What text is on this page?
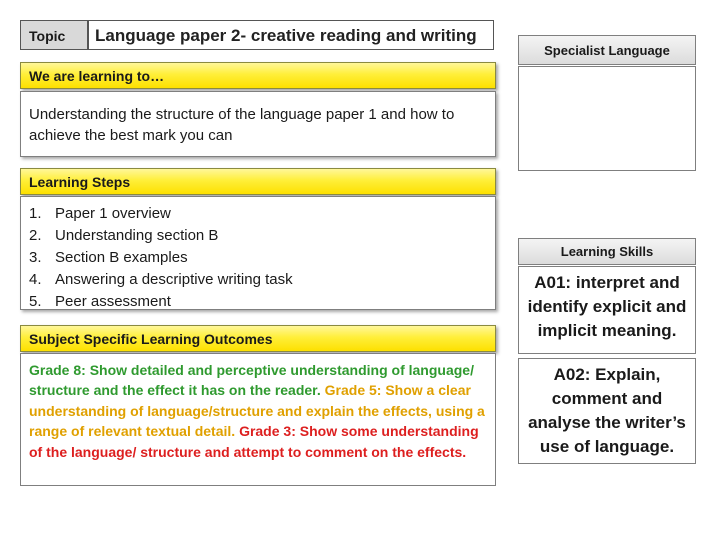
Topic Language paper 2- creative reading and writing
We are learning to…
Understanding the structure of the language paper 1 and how to achieve the best mark you can
Learning Steps
1. Paper 1 overview
2. Understanding section B
3. Section B examples
4. Answering a descriptive writing task
5. Peer assessment
Subject Specific Learning Outcomes
Grade 8: Show detailed and perceptive understanding of language/ structure and the effect it has on the reader. Grade 5: Show a clear understanding of language/structure and explain the effects, using a range of relevant textual detail. Grade 3: Show some understanding of the language/ structure and attempt to comment on the effects.
Specialist Language
Learning Skills
A01: interpret and identify explicit and implicit meaning.
A02: Explain, comment and analyse the writer’s use of language.
